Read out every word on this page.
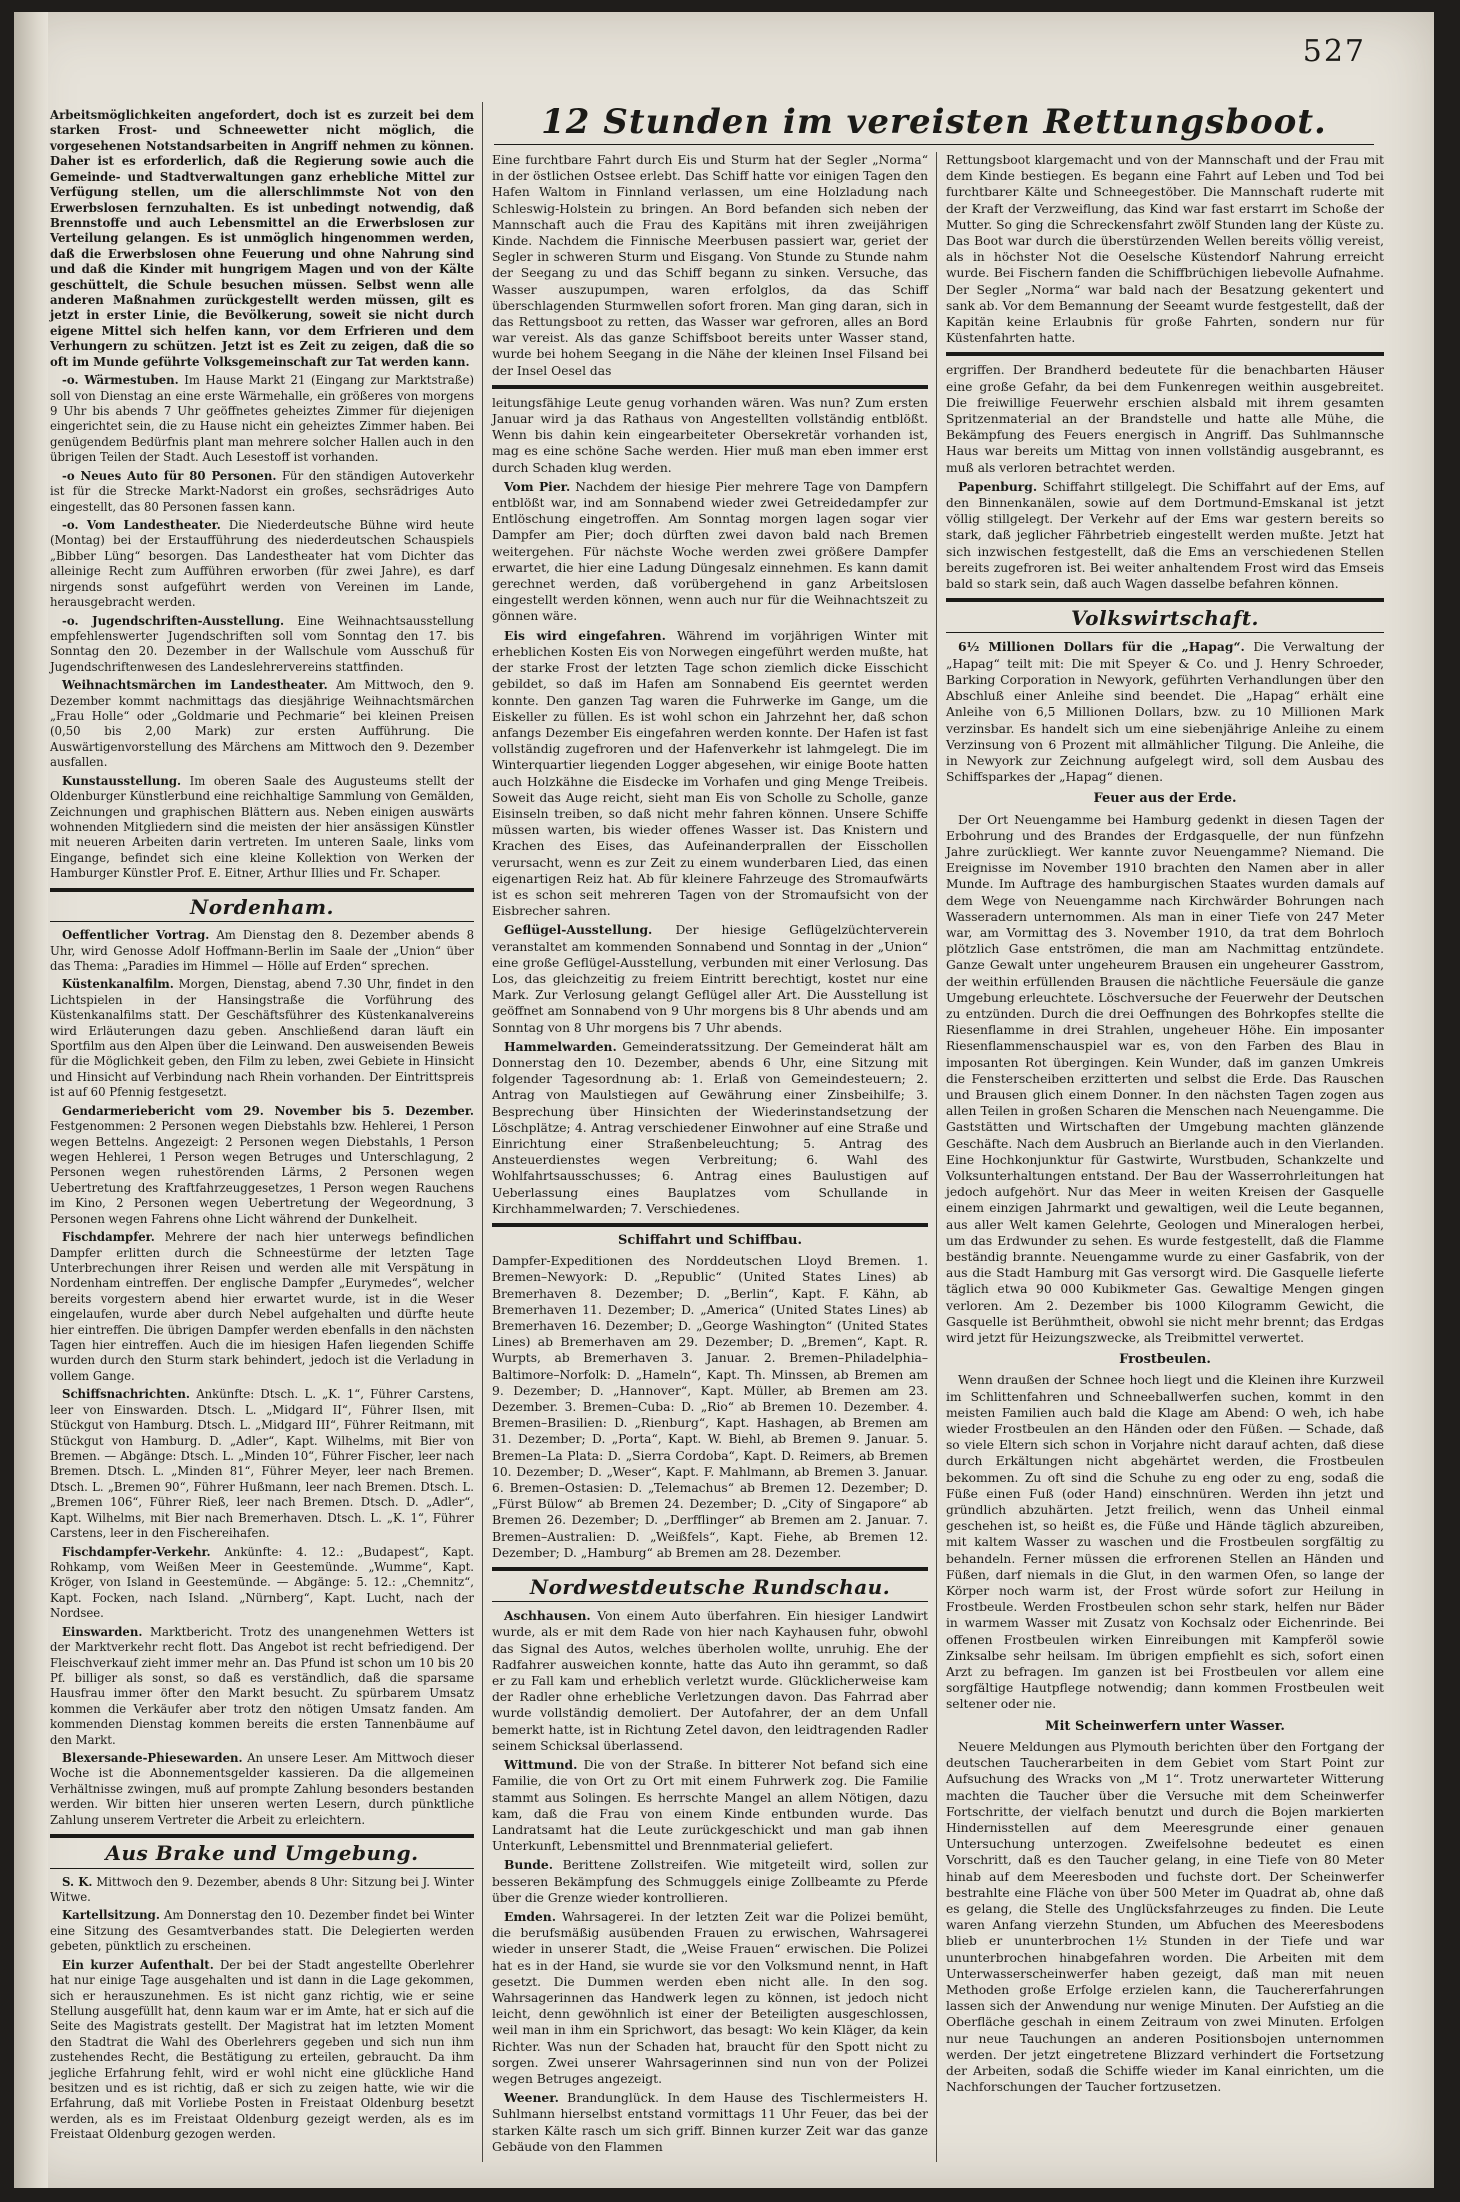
527

Arbeitsmöglichkeiten angefordert, doch ist es zurzeit bei dem starken Frost- und Schneewetter nicht möglich, die vorgesehenen Notstandsarbeiten in Angriff nehmen zu können. Daher ist es erforderlich, daß die Regierung sowie auch die Gemeinde- und Stadtverwaltungen ganz erhebliche Mittel zur Verfügung stellen, um die allerschlimmste Not von den Erwerbslosen fernzuhalten. Es ist unbedingt notwendig, daß Brennstoffe und auch Lebensmittel an die Erwerbslosen zur Verteilung gelangen. Es ist unmöglich hingenommen werden, daß die Erwerbslosen ohne Feuerung und ohne Nahrung sind und daß die Kinder mit hungrigem Magen und von der Kälte geschüttelt, die Schule besuchen müssen. Selbst wenn alle anderen Maßnahmen zurückgestellt werden müssen, gilt es jetzt in erster Linie, die Bevölkerung, soweit sie nicht durch eigene Mittel sich helfen kann, vor dem Erfrieren und dem Verhungern zu schützen. Jetzt ist es Zeit zu zeigen, daß die so oft im Munde geführte Volksgemeinschaft zur Tat werden kann.

-o. Wärmestuben. Im Hause Markt 21 (Eingang zur Marktstraße) soll von Dienstag an eine erste Wärmehalle, ein größeres von morgens 9 Uhr bis abends 7 Uhr geöffnetes geheiztes Zimmer für diejenigen eingerichtet sein, die zu Hause nicht ein geheiztes Zimmer haben. Bei genügendem Bedürfnis plant man mehrere solcher Hallen auch in den übrigen Teilen der Stadt. Auch Lesestoff ist vorhanden.

-o Neues Auto für 80 Personen. Für den ständigen Autoverkehr ist für die Strecke Markt-Nadorst ein großes, sechsrädriges Auto eingestellt, das 80 Personen fassen kann.

-o. Vom Landestheater. Die Niederdeutsche Bühne wird heute (Montag) bei der Erstaufführung des niederdeutschen Schauspiels „Bibber Lüng“ besorgen. Das Landestheater hat vom Dichter das alleinige Recht zum Aufführen erworben (für zwei Jahre), es darf nirgends sonst aufgeführt werden von Vereinen im Lande, herausgebracht werden.

-o. Jugendschriften-Ausstellung. Eine Weihnachtsausstellung empfehlenswerter Jugendschriften soll vom Sonntag den 17. bis Sonntag den 20. Dezember in der Wallschule vom Ausschuß für Jugendschriftenwesen des Landeslehrervereins stattfinden.

Weihnachtsmärchen im Landestheater. Am Mittwoch, den 9. Dezember kommt nachmittags das diesjährige Weihnachtsmärchen „Frau Holle“ oder „Goldmarie und Pechmarie“ bei kleinen Preisen (0,50 bis 2,00 Mark) zur ersten Aufführung. Die Auswärtigenvorstellung des Märchens am Mittwoch den 9. Dezember ausfallen.

Kunstausstellung. Im oberen Saale des Augusteums stellt der Oldenburger Künstlerbund eine reichhaltige Sammlung von Gemälden, Zeichnungen und graphischen Blättern aus. Neben einigen auswärts wohnenden Mitgliedern sind die meisten der hier ansässigen Künstler mit neueren Arbeiten darin vertreten. Im unteren Saale, links vom Eingange, befindet sich eine kleine Kollektion von Werken der Hamburger Künstler Prof. E. Eitner, Arthur Illies und Fr. Schaper.

Nordenham.

Oeffentlicher Vortrag. Am Dienstag den 8. Dezember abends 8 Uhr, wird Genosse Adolf Hoffmann-Berlin im Saale der „Union“ über das Thema: „Paradies im Himmel — Hölle auf Erden“ sprechen.

Küstenkanalfilm. Morgen, Dienstag, abend 7.30 Uhr, findet in den Lichtspielen in der Hansingstraße die Vorführung des Küstenkanalfilms statt. Der Geschäftsführer des Küstenkanalvereins wird Erläuterungen dazu geben. Anschließend daran läuft ein Sportfilm aus den Alpen über die Leinwand. Den ausweisenden Beweis für die Möglichkeit geben, den Film zu leben, zwei Gebiete in Hinsicht und Hinsicht auf Verbindung nach Rhein vorhanden. Der Eintrittspreis ist auf 60 Pfennig festgesetzt.

Gendarmeriebericht vom 29. November bis 5. Dezember. Festgenommen: 2 Personen wegen Diebstahls bzw. Hehlerei, 1 Person wegen Bettelns. Angezeigt: 2 Personen wegen Diebstahls, 1 Person wegen Hehlerei, 1 Person wegen Betruges und Unterschlagung, 2 Personen wegen ruhestörenden Lärms, 2 Personen wegen Uebertretung des Kraftfahrzeuggesetzes, 1 Person wegen Rauchens im Kino, 2 Personen wegen Uebertretung der Wegeordnung, 3 Personen wegen Fahrens ohne Licht während der Dunkelheit.

Fischdampfer. Mehrere der nach hier unterwegs befindlichen Dampfer erlitten durch die Schneestürme der letzten Tage Unterbrechungen ihrer Reisen und werden alle mit Verspätung in Nordenham eintreffen. Der englische Dampfer „Eurymedes“, welcher bereits vorgestern abend hier erwartet wurde, ist in die Weser eingelaufen, wurde aber durch Nebel aufgehalten und dürfte heute hier eintreffen. Die übrigen Dampfer werden ebenfalls in den nächsten Tagen hier eintreffen. Auch die im hiesigen Hafen liegenden Schiffe wurden durch den Sturm stark behindert, jedoch ist die Verladung in vollem Gange.

Schiffsnachrichten. Ankünfte: Dtsch. L. „K. 1“, Führer Carstens, leer von Einswarden. Dtsch. L. „Midgard II“, Führer Ilsen, mit Stückgut von Hamburg. Dtsch. L. „Midgard III“, Führer Reitmann, mit Stückgut von Hamburg. D. „Adler“, Kapt. Wilhelms, mit Bier von Bremen. — Abgänge: Dtsch. L. „Minden 10“, Führer Fischer, leer nach Bremen. Dtsch. L. „Minden 81“, Führer Meyer, leer nach Bremen. Dtsch. L. „Bremen 90“, Führer Hußmann, leer nach Bremen. Dtsch. L. „Bremen 106“, Führer Rieß, leer nach Bremen. Dtsch. D. „Adler“, Kapt. Wilhelms, mit Bier nach Bremerhaven. Dtsch. L. „K. 1“, Führer Carstens, leer in den Fischereihafen.

Fischdampfer-Verkehr. Ankünfte: 4. 12.: „Budapest“, Kapt. Rohkamp, vom Weißen Meer in Geestemünde. „Wumme“, Kapt. Kröger, von Island in Geestemünde. — Abgänge: 5. 12.: „Chemnitz“, Kapt. Focken, nach Island. „Nürnberg“, Kapt. Lucht, nach der Nordsee.

Einswarden. Marktbericht. Trotz des unangenehmen Wetters ist der Marktverkehr recht flott. Das Angebot ist recht befriedigend. Der Fleischverkauf zieht immer mehr an. Das Pfund ist schon um 10 bis 20 Pf. billiger als sonst, so daß es verständlich, daß die sparsame Hausfrau immer öfter den Markt besucht. Zu spürbarem Umsatz kommen die Verkäufer aber trotz den nötigen Umsatz fanden. Am kommenden Dienstag kommen bereits die ersten Tannenbäume auf den Markt.

Blexersande-Phiesewarden. An unsere Leser. Am Mittwoch dieser Woche ist die Abonnementsgelder kassieren. Da die allgemeinen Verhältnisse zwingen, muß auf prompte Zahlung besonders bestanden werden. Wir bitten hier unseren werten Lesern, durch pünktliche Zahlung unserem Vertreter die Arbeit zu erleichtern.

Aus Brake und Umgebung.

S. K. Mittwoch den 9. Dezember, abends 8 Uhr: Sitzung bei J. Winter Witwe.

Kartellsitzung. Am Donnerstag den 10. Dezember findet bei Winter eine Sitzung des Gesamtverbandes statt. Die Delegierten werden gebeten, pünktlich zu erscheinen.

Ein kurzer Aufenthalt. Der bei der Stadt angestellte Oberlehrer hat nur einige Tage ausgehalten und ist dann in die Lage gekommen, sich er herauszunehmen. Es ist nicht ganz richtig, wie er seine Stellung ausgefüllt hat, denn kaum war er im Amte, hat er sich auf die Seite des Magistrats gestellt. Der Magistrat hat im letzten Moment den Stadtrat die Wahl des Oberlehrers gegeben und sich nun ihm zustehendes Recht, die Bestätigung zu erteilen, gebraucht. Da ihm jegliche Erfahrung fehlt, wird er wohl nicht eine glückliche Hand besitzen und es ist richtig, daß er sich zu zeigen hatte, wie wir die Erfahrung, daß mit Vorliebe Posten in Freistaat Oldenburg besetzt werden, als es im Freistaat Oldenburg gezeigt werden, als es im Freistaat Oldenburg gezogen werden.

12 Stunden im vereisten Rettungsboot.

Eine furchtbare Fahrt durch Eis und Sturm hat der Segler „Norma“ in der östlichen Ostsee erlebt. Das Schiff hatte vor einigen Tagen den Hafen Waltom in Finnland verlassen, um eine Holzladung nach Schleswig-Holstein zu bringen. An Bord befanden sich neben der Mannschaft auch die Frau des Kapitäns mit ihren zweijährigen Kinde. Nachdem die Finnische Meerbusen passiert war, geriet der Segler in schweren Sturm und Eisgang. Von Stunde zu Stunde nahm der Seegang zu und das Schiff begann zu sinken. Versuche, das Wasser auszupumpen, waren erfolglos, da das Schiff überschlagenden Sturmwellen sofort froren. Man ging daran, sich in das Rettungsboot zu retten, das Wasser war gefroren, alles an Bord war vereist. Als das ganze Schiffsboot bereits unter Wasser stand, wurde bei hohem Seegang in die Nähe der kleinen Insel Filsand bei der Insel Oesel das

leitungsfähige Leute genug vorhanden wären. Was nun? Zum ersten Januar wird ja das Rathaus von Angestellten vollständig entblößt. Wenn bis dahin kein eingearbeiteter Obersekretär vorhanden ist, mag es eine schöne Sache werden. Hier muß man eben immer erst durch Schaden klug werden.

Vom Pier. Nachdem der hiesige Pier mehrere Tage von Dampfern entblößt war, ind am Sonnabend wieder zwei Getreidedampfer zur Entlöschung eingetroffen. Am Sonntag morgen lagen sogar vier Dampfer am Pier; doch dürften zwei davon bald nach Bremen weitergehen. Für nächste Woche werden zwei größere Dampfer erwartet, die hier eine Ladung Düngesalz einnehmen. Es kann damit gerechnet werden, daß vorübergehend in ganz Arbeitslosen eingestellt werden können, wenn auch nur für die Weihnachtszeit zu gönnen wäre.

Eis wird eingefahren. Während im vorjährigen Winter mit erheblichen Kosten Eis von Norwegen eingeführt werden mußte, hat der starke Frost der letzten Tage schon ziemlich dicke Eisschicht gebildet, so daß im Hafen am Sonnabend Eis geerntet werden konnte. Den ganzen Tag waren die Fuhrwerke im Gange, um die Eiskeller zu füllen. Es ist wohl schon ein Jahrzehnt her, daß schon anfangs Dezember Eis eingefahren werden konnte. Der Hafen ist fast vollständig zugefroren und der Hafenverkehr ist lahmgelegt. Die im Winterquartier liegenden Logger abgesehen, wir einige Boote hatten auch Holzkähne die Eisdecke im Vorhafen und ging Menge Treibeis. Soweit das Auge reicht, sieht man Eis von Scholle zu Scholle, ganze Eisinseln treiben, so daß nicht mehr fahren können. Unsere Schiffe müssen warten, bis wieder offenes Wasser ist. Das Knistern und Krachen des Eises, das Aufeinanderprallen der Eisschollen verursacht, wenn es zur Zeit zu einem wunderbaren Lied, das einen eigenartigen Reiz hat. Ab für kleinere Fahrzeuge des Stromaufwärts ist es schon seit mehreren Tagen von der Stromaufsicht von der Eisbrecher sahren.

Geflügel-Ausstellung. Der hiesige Geflügelzüchterverein veranstaltet am kommenden Sonnabend und Sonntag in der „Union“ eine große Geflügel-Ausstellung, verbunden mit einer Verlosung. Das Los, das gleichzeitig zu freiem Eintritt berechtigt, kostet nur eine Mark. Zur Verlosung gelangt Geflügel aller Art. Die Ausstellung ist geöffnet am Sonnabend von 9 Uhr morgens bis 8 Uhr abends und am Sonntag von 8 Uhr morgens bis 7 Uhr abends.

Hammelwarden. Gemeinderatssitzung. Der Gemeinderat hält am Donnerstag den 10. Dezember, abends 6 Uhr, eine Sitzung mit folgender Tagesordnung ab: 1. Erlaß von Gemeindesteuern; 2. Antrag von Maulstiegen auf Gewährung einer Zinsbeihilfe; 3. Besprechung über Hinsichten der Wiederinstandsetzung der Löschplätze; 4. Antrag verschiedener Einwohner auf eine Straße und Einrichtung einer Straßenbeleuchtung; 5. Antrag des Ansteuerdienstes wegen Verbreitung; 6. Wahl des Wohlfahrtsausschusses; 6. Antrag eines Baulustigen auf Ueberlassung eines Bauplatzes vom Schullande in Kirchhammelwarden; 7. Verschiedenes.

Schiffahrt und Schiffbau.

Dampfer-Expeditionen des Norddeutschen Lloyd Bremen. 1. Bremen–Newyork: D. „Republic“ (United States Lines) ab Bremerhaven 8. Dezember; D. „Berlin“, Kapt. F. Kähn, ab Bremerhaven 11. Dezember; D. „America“ (United States Lines) ab Bremerhaven 16. Dezember; D. „George Washington“ (United States Lines) ab Bremerhaven am 29. Dezember; D. „Bremen“, Kapt. R. Wurpts, ab Bremerhaven 3. Januar. 2. Bremen–Philadelphia–Baltimore–Norfolk: D. „Hameln“, Kapt. Th. Minssen, ab Bremen am 9. Dezember; D. „Hannover“, Kapt. Müller, ab Bremen am 23. Dezember. 3. Bremen–Cuba: D. „Rio“ ab Bremen 10. Dezember. 4. Bremen–Brasilien: D. „Rienburg“, Kapt. Hashagen, ab Bremen am 31. Dezember; D. „Porta“, Kapt. W. Biehl, ab Bremen 9. Januar. 5. Bremen–La Plata: D. „Sierra Cordoba“, Kapt. D. Reimers, ab Bremen 10. Dezember; D. „Weser“, Kapt. F. Mahlmann, ab Bremen 3. Januar. 6. Bremen–Ostasien: D. „Telemachus“ ab Bremen 12. Dezember; D. „Fürst Bülow“ ab Bremen 24. Dezember; D. „City of Singapore“ ab Bremen 26. Dezember; D. „Derfflinger“ ab Bremen am 2. Januar. 7. Bremen–Australien: D. „Weißfels“, Kapt. Fiehe, ab Bremen 12. Dezember; D. „Hamburg“ ab Bremen am 28. Dezember.

Nordwestdeutsche Rundschau.

Aschhausen. Von einem Auto überfahren. Ein hiesiger Landwirt wurde, als er mit dem Rade von hier nach Kayhausen fuhr, obwohl das Signal des Autos, welches überholen wollte, unruhig. Ehe der Radfahrer ausweichen konnte, hatte das Auto ihn gerammt, so daß er zu Fall kam und erheblich verletzt wurde. Glücklicherweise kam der Radler ohne erhebliche Verletzungen davon. Das Fahrrad aber wurde vollständig demoliert. Der Autofahrer, der an dem Unfall bemerkt hatte, ist in Richtung Zetel davon, den leidtragenden Radler seinem Schicksal überlassend.

Wittmund. Die von der Straße. In bitterer Not befand sich eine Familie, die von Ort zu Ort mit einem Fuhrwerk zog. Die Familie stammt aus Solingen. Es herrschte Mangel an allem Nötigen, dazu kam, daß die Frau von einem Kinde entbunden wurde. Das Landratsamt hat die Leute zurückgeschickt und man gab ihnen Unterkunft, Lebensmittel und Brennmaterial geliefert.

Bunde. Berittene Zollstreifen. Wie mitgeteilt wird, sollen zur besseren Bekämpfung des Schmuggels einige Zollbeamte zu Pferde über die Grenze wieder kontrollieren.

Emden. Wahrsagerei. In der letzten Zeit war die Polizei bemüht, die berufsmäßig ausübenden Frauen zu erwischen, Wahrsagerei wieder in unserer Stadt, die „Weise Frauen“ erwischen. Die Polizei hat es in der Hand, sie wurde sie vor den Volksmund nennt, in Haft gesetzt. Die Dummen werden eben nicht alle. In den sog. Wahrsagerinnen das Handwerk legen zu können, ist jedoch nicht leicht, denn gewöhnlich ist einer der Beteiligten ausgeschlossen, weil man in ihm ein Sprichwort, das besagt: Wo kein Kläger, da kein Richter. Was nun der Schaden hat, braucht für den Spott nicht zu sorgen. Zwei unserer Wahrsagerinnen sind nun von der Polizei wegen Betruges angezeigt.

Weener. Brandunglück. In dem Hause des Tischlermeisters H. Suhlmann hierselbst entstand vormittags 11 Uhr Feuer, das bei der starken Kälte rasch um sich griff. Binnen kurzer Zeit war das ganze Gebäude von den Flammen

Rettungsboot klargemacht und von der Mannschaft und der Frau mit dem Kinde bestiegen. Es begann eine Fahrt auf Leben und Tod bei furchtbarer Kälte und Schneegestöber. Die Mannschaft ruderte mit der Kraft der Verzweiflung, das Kind war fast erstarrt im Schoße der Mutter. So ging die Schreckensfahrt zwölf Stunden lang der Küste zu. Das Boot war durch die überstürzenden Wellen bereits völlig vereist, als in höchster Not die Oeselsche Küstendorf Nahrung erreicht wurde. Bei Fischern fanden die Schiffbrüchigen liebevolle Aufnahme. Der Segler „Norma“ war bald nach der Besatzung gekentert und sank ab. Vor dem Bemannung der Seeamt wurde festgestellt, daß der Kapitän keine Erlaubnis für große Fahrten, sondern nur für Küstenfahrten hatte.

ergriffen. Der Brandherd bedeutete für die benachbarten Häuser eine große Gefahr, da bei dem Funkenregen weithin ausgebreitet. Die freiwillige Feuerwehr erschien alsbald mit ihrem gesamten Spritzenmaterial an der Brandstelle und hatte alle Mühe, die Bekämpfung des Feuers energisch in Angriff. Das Suhlmannsche Haus war bereits um Mittag von innen vollständig ausgebrannt, es muß als verloren betrachtet werden.

Papenburg. Schiffahrt stillgelegt. Die Schiffahrt auf der Ems, auf den Binnenkanälen, sowie auf dem Dortmund-Emskanal ist jetzt völlig stillgelegt. Der Verkehr auf der Ems war gestern bereits so stark, daß jeglicher Fährbetrieb eingestellt werden mußte. Jetzt hat sich inzwischen festgestellt, daß die Ems an verschiedenen Stellen bereits zugefroren ist. Bei weiter anhaltendem Frost wird das Emseis bald so stark sein, daß auch Wagen dasselbe befahren können.

Volkswirtschaft.

6½ Millionen Dollars für die „Hapag“. Die Verwaltung der „Hapag“ teilt mit: Die mit Speyer & Co. und J. Henry Schroeder, Barking Corporation in Newyork, geführten Verhandlungen über den Abschluß einer Anleihe sind beendet. Die „Hapag“ erhält eine Anleihe von 6,5 Millionen Dollars, bzw. zu 10 Millionen Mark verzinsbar. Es handelt sich um eine siebenjährige Anleihe zu einem Verzinsung von 6 Prozent mit allmählicher Tilgung. Die Anleihe, die in Newyork zur Zeichnung aufgelegt wird, soll dem Ausbau des Schiffsparkes der „Hapag“ dienen.

Feuer aus der Erde.

Der Ort Neuengamme bei Hamburg gedenkt in diesen Tagen der Erbohrung und des Brandes der Erdgasquelle, der nun fünfzehn Jahre zurückliegt. Wer kannte zuvor Neuengamme? Niemand. Die Ereignisse im November 1910 brachten den Namen aber in aller Munde. Im Auftrage des hamburgischen Staates wurden damals auf dem Wege von Neuengamme nach Kirchwärder Bohrungen nach Wasseradern unternommen. Als man in einer Tiefe von 247 Meter war, am Vormittag des 3. November 1910, da trat dem Bohrloch plötzlich Gase entströmen, die man am Nachmittag entzündete. Ganze Gewalt unter ungeheurem Brausen ein ungeheurer Gasstrom, der weithin erfüllenden Brausen die nächtliche Feuersäule die ganze Umgebung erleuchtete. Löschversuche der Feuerwehr der Deutschen zu entzünden. Durch die drei Oeffnungen des Bohrkopfes stellte die Riesenflamme in drei Strahlen, ungeheuer Höhe. Ein imposanter Riesenflammenschauspiel war es, von den Farben des Blau in imposanten Rot übergingen. Kein Wunder, daß im ganzen Umkreis die Fensterscheiben erzitterten und selbst die Erde. Das Rauschen und Brausen glich einem Donner. In den nächsten Tagen zogen aus allen Teilen in großen Scharen die Menschen nach Neuengamme. Die Gaststätten und Wirtschaften der Umgebung machten glänzende Geschäfte. Nach dem Ausbruch an Bierlande auch in den Vierlanden. Eine Hochkonjunktur für Gastwirte, Wurstbuden, Schankzelte und Volksunterhaltungen entstand. Der Bau der Wasserrohrleitungen hat jedoch aufgehört. Nur das Meer in weiten Kreisen der Gasquelle einem einzigen Jahrmarkt und gewaltigen, weil die Leute begannen, aus aller Welt kamen Gelehrte, Geologen und Mineralogen herbei, um das Erdwunder zu sehen. Es wurde festgestellt, daß die Flamme beständig brannte. Neuengamme wurde zu einer Gasfabrik, von der aus die Stadt Hamburg mit Gas versorgt wird. Die Gasquelle lieferte täglich etwa 90 000 Kubikmeter Gas. Gewaltige Mengen gingen verloren. Am 2. Dezember bis 1000 Kilogramm Gewicht, die Gasquelle ist Berühmtheit, obwohl sie nicht mehr brennt; das Erdgas wird jetzt für Heizungszwecke, als Treibmittel verwertet.

Frostbeulen.

Wenn draußen der Schnee hoch liegt und die Kleinen ihre Kurzweil im Schlittenfahren und Schneeballwerfen suchen, kommt in den meisten Familien auch bald die Klage am Abend: O weh, ich habe wieder Frostbeulen an den Händen oder den Füßen. — Schade, daß so viele Eltern sich schon in Vorjahre nicht darauf achten, daß diese durch Erkältungen nicht abgehärtet werden, die Frostbeulen bekommen. Zu oft sind die Schuhe zu eng oder zu eng, sodaß die Füße einen Fuß (oder Hand) einschnüren. Werden ihn jetzt und gründlich abzuhärten. Jetzt freilich, wenn das Unheil einmal geschehen ist, so heißt es, die Füße und Hände täglich abzureiben, mit kaltem Wasser zu waschen und die Frostbeulen sorgfältig zu behandeln. Ferner müssen die erfrorenen Stellen an Händen und Füßen, darf niemals in die Glut, in den warmen Ofen, so lange der Körper noch warm ist, der Frost würde sofort zur Heilung in Frostbeule. Werden Frostbeulen schon sehr stark, helfen nur Bäder in warmem Wasser mit Zusatz von Kochsalz oder Eichenrinde. Bei offenen Frostbeulen wirken Einreibungen mit Kampferöl sowie Zinksalbe sehr heilsam. Im übrigen empfiehlt es sich, sofort einen Arzt zu befragen. Im ganzen ist bei Frostbeulen vor allem eine sorgfältige Hautpflege notwendig; dann kommen Frostbeulen weit seltener oder nie.

Mit Scheinwerfern unter Wasser.

Neuere Meldungen aus Plymouth berichten über den Fortgang der deutschen Taucherarbeiten in dem Gebiet vom Start Point zur Aufsuchung des Wracks von „M 1“. Trotz unerwarteter Witterung machten die Taucher über die Versuche mit dem Scheinwerfer Fortschritte, der vielfach benutzt und durch die Bojen markierten Hindernisstellen auf dem Meeresgrunde einer genauen Untersuchung unterzogen. Zweifelsohne bedeutet es einen Vorschritt, daß es den Taucher gelang, in eine Tiefe von 80 Meter hinab auf dem Meeresboden und fuchste dort. Der Scheinwerfer bestrahlte eine Fläche von über 500 Meter im Quadrat ab, ohne daß es gelang, die Stelle des Unglücksfahrzeuges zu finden. Die Leute waren Anfang vierzehn Stunden, um Abfuchen des Meeresbodens blieb er ununterbrochen 1½ Stunden in der Tiefe und war ununterbrochen hinabgefahren worden. Die Arbeiten mit dem Unterwasserscheinwerfer haben gezeigt, daß man mit neuen Methoden große Erfolge erzielen kann, die Tauchererfahrungen lassen sich der Anwendung nur wenige Minuten. Der Aufstieg an die Oberfläche geschah in einem Zeitraum von zwei Minuten. Erfolgen nur neue Tauchungen an anderen Positionsbojen unternommen werden. Der jetzt eingetretene Blizzard verhindert die Fortsetzung der Arbeiten, sodaß die Schiffe wieder im Kanal einrichten, um die Nachforschungen der Taucher fortzusetzen.
